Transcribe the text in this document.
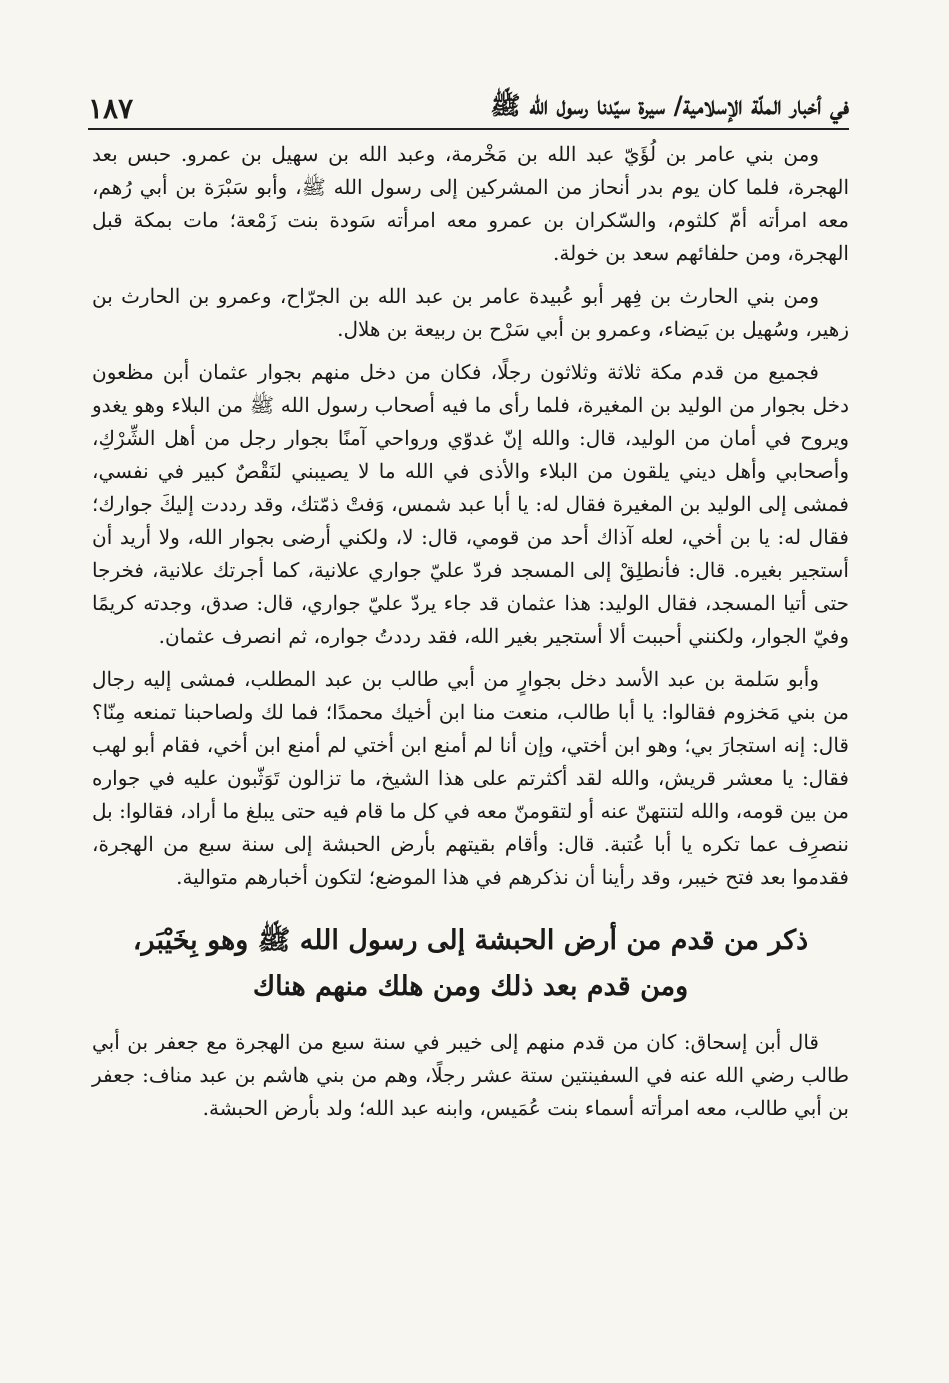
في أخبار الملّة الإسلامية/ سيرة سيّدنا رسول الله ﷺ
١٨٧

ومن بني عامر بن لُؤَيّ عبد الله بن مَخْرمة، وعبد الله بن سهيل بن عمرو. حبس بعد الهجرة، فلما كان يوم بدر أنحاز من المشركين إلى رسول الله ﷺ، وأبو سَبْرَة بن أبي رُهم، معه امرأته أمّ كلثوم، والسّكران بن عمرو معه امرأته سَودة بنت زَمْعة؛ مات بمكة قبل الهجرة، ومن حلفائهم سعد بن خولة.

ومن بني الحارث بن فِهر أبو عُبيدة عامر بن عبد الله بن الجرّاح، وعمرو بن الحارث بن زهير، وسُهيل بن بَيضاء، وعمرو بن أبي سَرْح بن ربيعة بن هلال.

فجميع من قدم مكة ثلاثة وثلاثون رجلًا، فكان من دخل منهم بجوار عثمان أبن مظعون دخل بجوار من الوليد بن المغيرة، فلما رأى ما فيه أصحاب رسول الله ﷺ من البلاء وهو يغدو ويروح في أمان من الوليد، قال: والله إنّ غدوّي ورواحي آمنًا بجوار رجل من أهل الشِّرْكِ، وأصحابي وأهل ديني يلقون من البلاء والأذى في الله ما لا يصيبني لنَقْصٌ كبير في نفسي، فمشى إلى الوليد بن المغيرة فقال له: يا أبا عبد شمس، وَفتْ ذمّتك، وقد رددت إليكَ جوارك؛ فقال له: يا بن أخي، لعله آذاك أحد من قومي، قال: لا، ولكني أرضى بجوار الله، ولا أريد أن أستجير بغيره. قال: فأنطلِقْ إلى المسجد فردّ عليّ جواري علانية، كما أجرتك علانية، فخرجا حتى أتيا المسجد، فقال الوليد: هذا عثمان قد جاء يردّ عليّ جواري، قال: صدق، وجدته كريمًا وفيّ الجوار، ولكنني أحببت ألا أستجير بغير الله، فقد رددتُ جواره، ثم انصرف عثمان.

وأبو سَلمة بن عبد الأسد دخل بجوارٍ من أبي طالب بن عبد المطلب، فمشى إليه رجال من بني مَخزوم فقالوا: يا أبا طالب، منعت منا ابن أخيك محمدًا؛ فما لك ولصاحبنا تمنعه مِنّا؟ قال: إنه استجارَ بي؛ وهو ابن أختي، وإن أنا لم أمنع ابن أختي لم أمنع ابن أخي، فقام أبو لهب فقال: يا معشر قريش، والله لقد أكثرتم على هذا الشيخ، ما تزالون تَوَثّبون عليه في جواره من بين قومه، والله لتنتهنّ عنه أو لتقومنّ معه في كل ما قام فيه حتى يبلغ ما أراد، فقالوا: بل ننصرِف عما تكره يا أبا عُتبة. قال: وأقام بقيتهم بأرض الحبشة إلى سنة سبع من الهجرة، فقدموا بعد فتح خيبر، وقد رأينا أن نذكرهم في هذا الموضع؛ لتكون أخبارهم متوالية.

ذكر من قدم من أرض الحبشة إلى رسول الله ﷺ وهو بِخَيْبَر،
ومن قدم بعد ذلك ومن هلك منهم هناك

قال أبن إسحاق: كان من قدم منهم إلى خيبر في سنة سبع من الهجرة مع جعفر بن أبي طالب رضي الله عنه في السفينتين ستة عشر رجلًا، وهم من بني هاشم بن عبد مناف: جعفر بن أبي طالب، معه امرأته أسماء بنت عُمَيس، وابنه عبد الله؛ ولد بأرض الحبشة.
